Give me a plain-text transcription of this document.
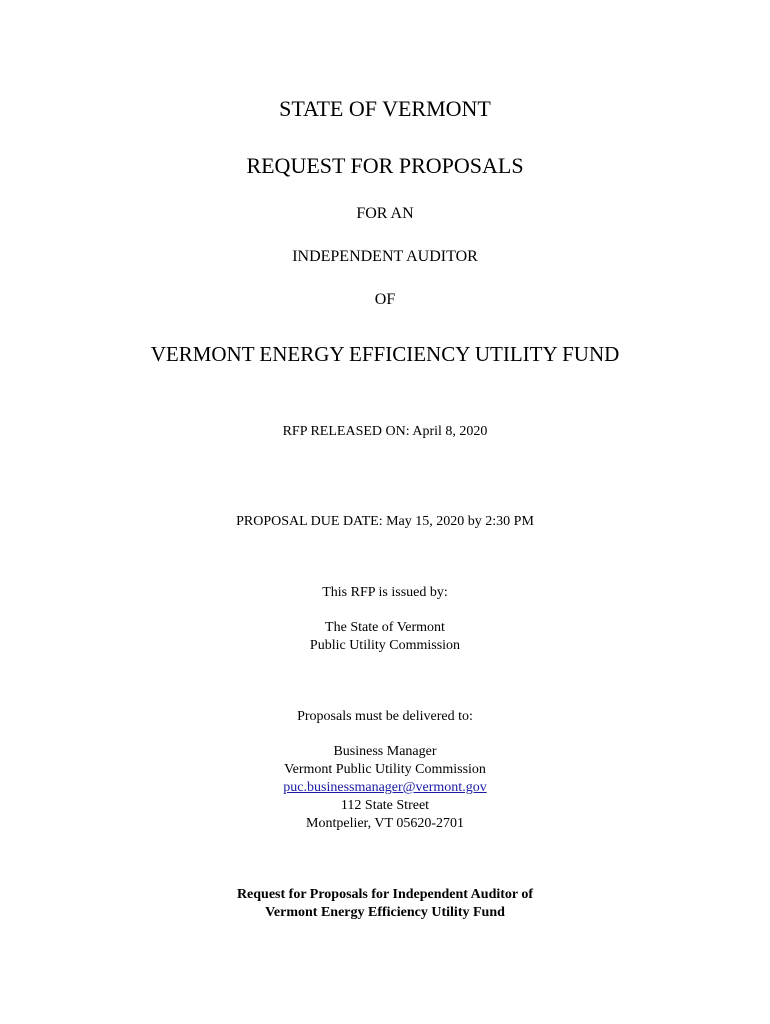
STATE OF VERMONT
REQUEST FOR PROPOSALS
FOR AN
INDEPENDENT AUDITOR
OF
VERMONT ENERGY EFFICIENCY UTILITY FUND
RFP RELEASED ON: April 8, 2020
PROPOSAL DUE DATE: May 15, 2020 by 2:30 PM
This RFP is issued by:
The State of Vermont
Public Utility Commission
Proposals must be delivered to:
Business Manager
Vermont Public Utility Commission
puc.businessmanager@vermont.gov
112 State Street
Montpelier, VT 05620-2701
Request for Proposals for Independent Auditor of
Vermont Energy Efficiency Utility Fund
